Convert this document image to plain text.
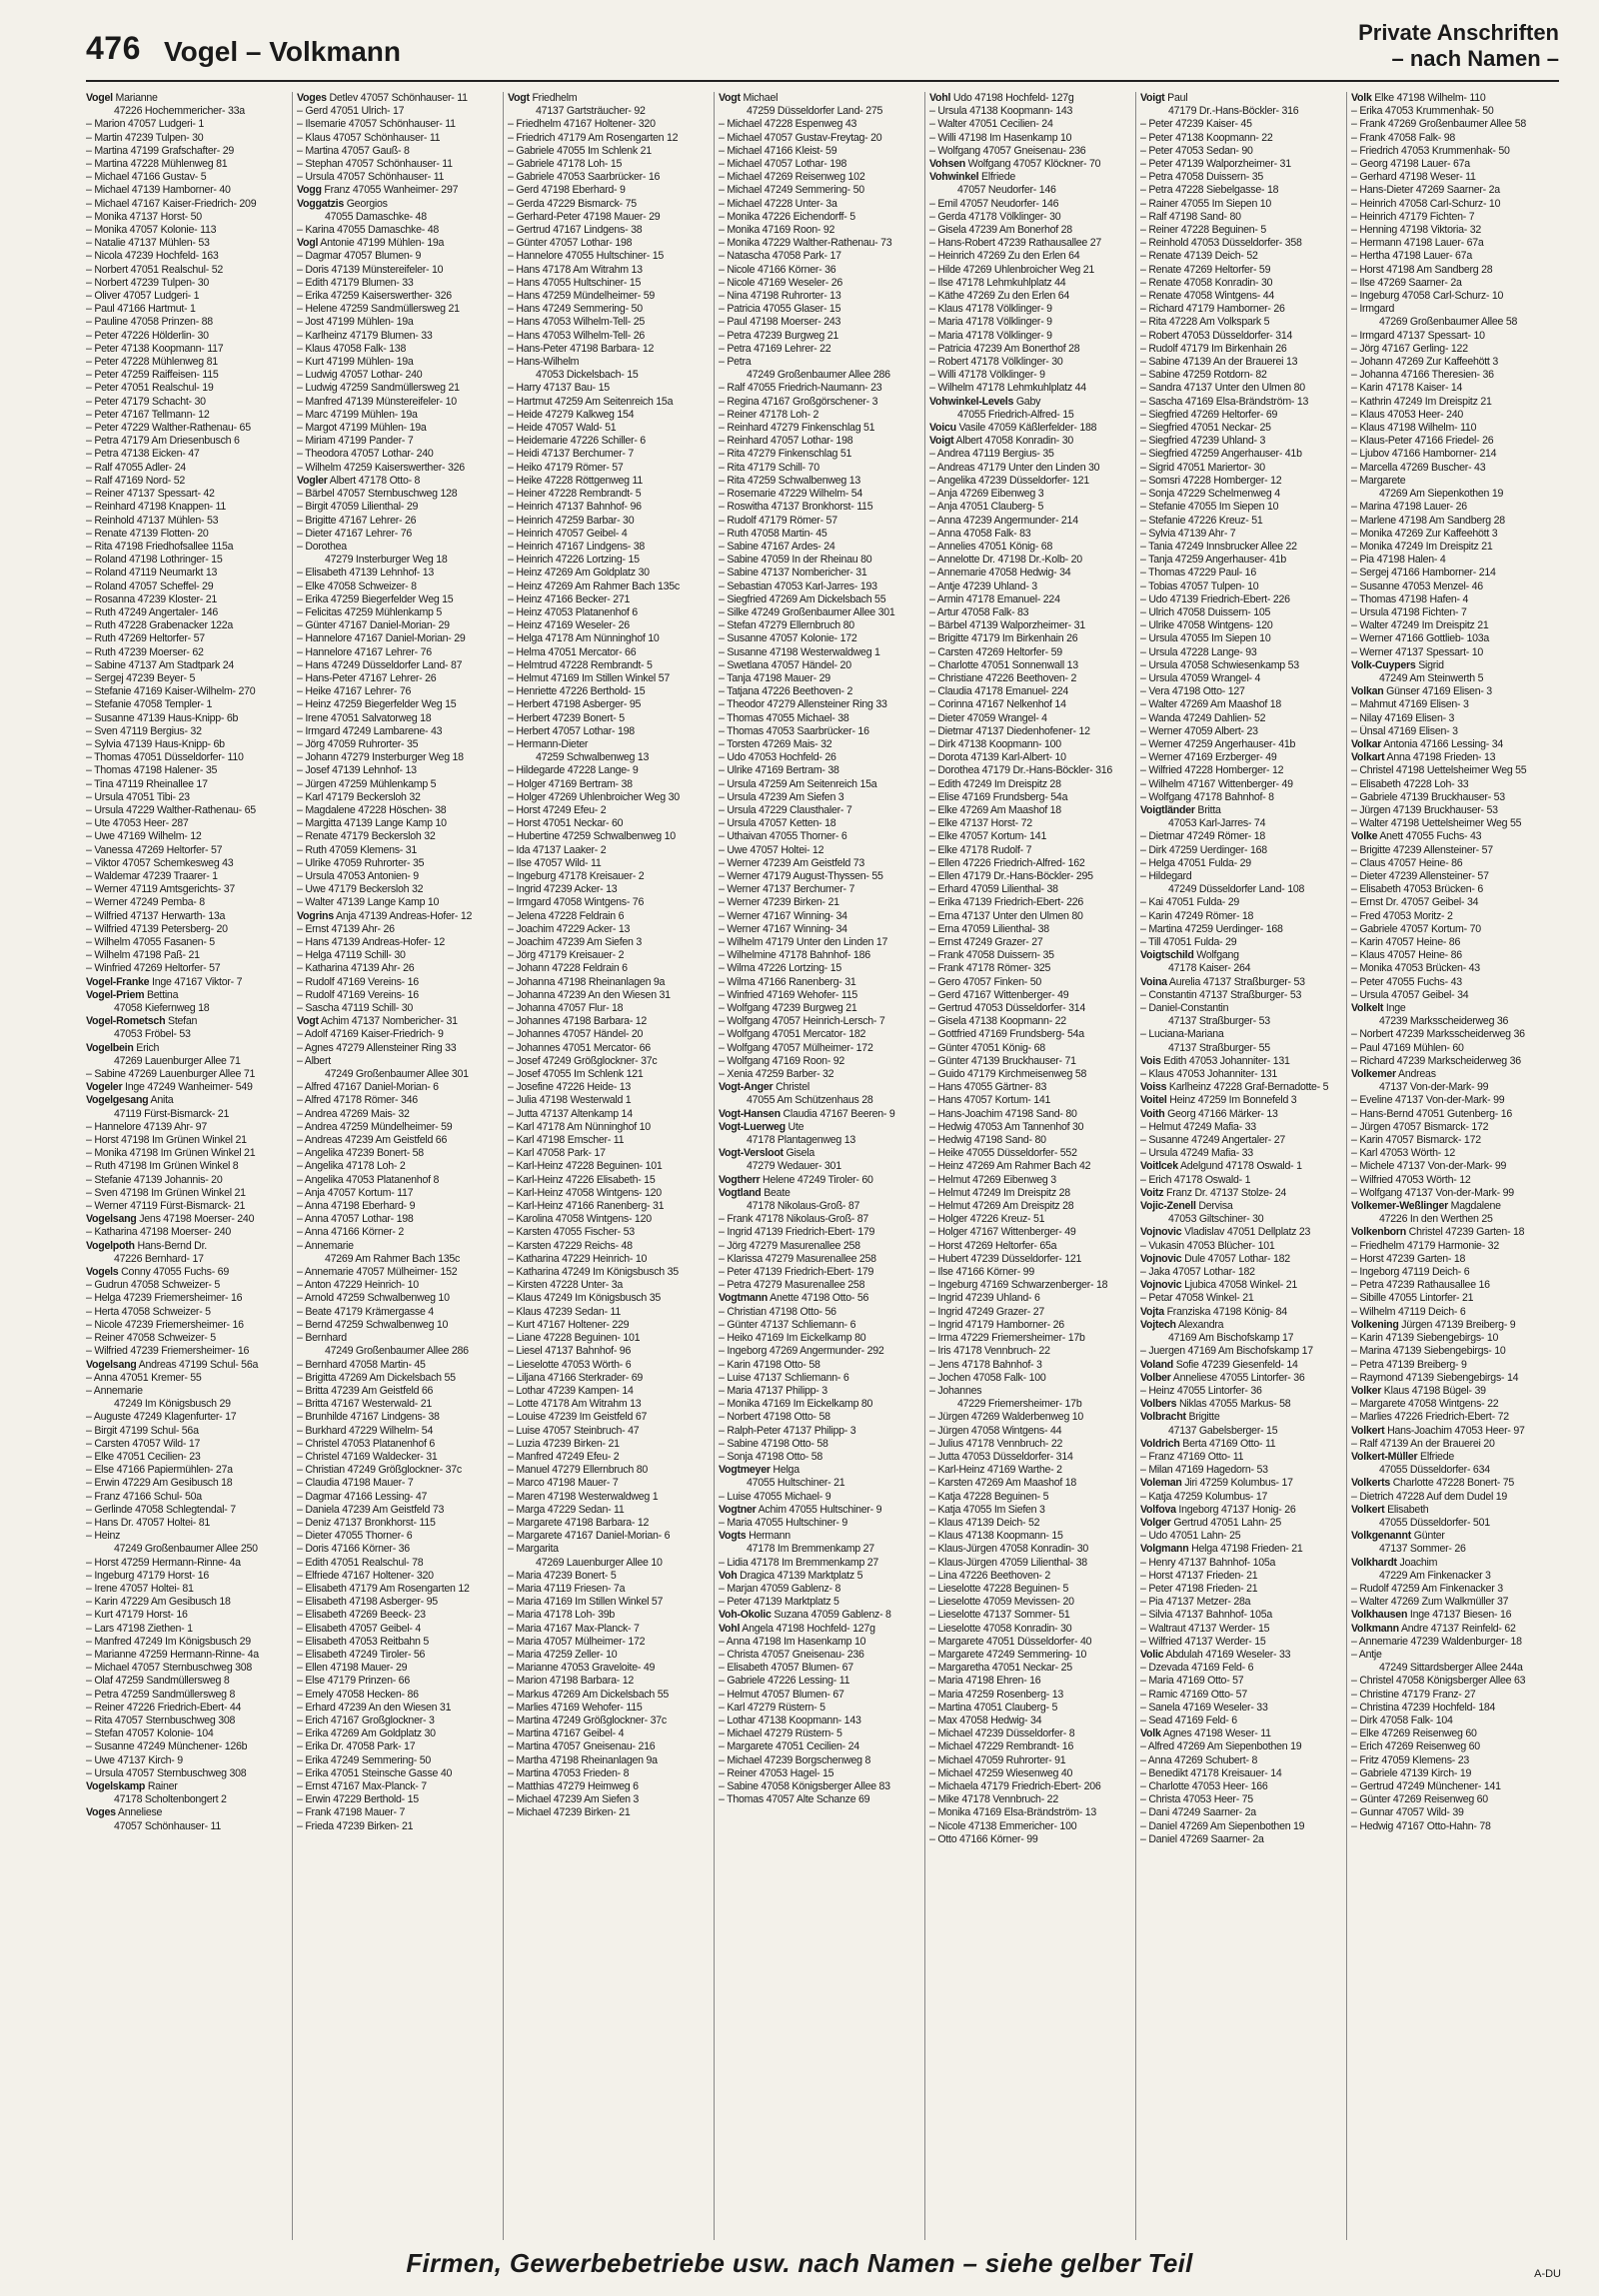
476 Vogel – Volkmann
Private Anschriften
– nach Namen –
Vogel Marianne
47226 Hochemmericher- 33a
– Marion 47057 Ludgeri- 1
– Martin 47239 Tulpen- 30
– Martina 47199 Grafschafter- 29
– Martina 47228 Mühlenweg 81
– Michael 47166 Gustav- 5
– Michael 47139 Hamborner- 40
– Michael 47167 Kaiser-Friedrich- 209
– Monika 47137 Horst- 50
– Monika 47057 Kolonie- 113
– Natalie 47137 Mühlen- 53
– Nicola 47239 Hochfeld- 163
– Norbert 47051 Realschul- 52
– Norbert 47239 Tulpen- 30
– Oliver 47057 Ludgeri- 1
– Paul 47166 Hartmut- 1
– Pauline 47058 Prinzen- 88
– Peter 47226 Hölderlin- 30
– Peter 47138 Koopmann- 117
– Peter 47228 Mühlenweg 81
– Peter 47259 Raiffeisen- 115
– Peter 47051 Realschul- 19
– Peter 47179 Schacht- 30
– Peter 47167 Tellmann- 12
– Peter 47229 Walther-Rathenau- 65
– Petra 47179 Am Driesenbusch 6
– Petra 47138 Eicken- 47
– Ralf 47055 Adler- 24
– Ralf 47169 Nord- 52
– Reiner 47137 Spessart- 42
– Reinhard 47198 Knappen- 11
– Reinhold 47137 Mühlen- 53
– Renate 47139 Flotten- 20
– Rita 47198 Friedhofsallee 115a
– Roland 47198 Lothringer- 15
– Roland 47119 Neumarkt 13
– Roland 47057 Scheffel- 29
– Rosanna 47239 Kloster- 21
– Ruth 47249 Angertaler- 146
– Ruth 47228 Grabenacker 122a
– Ruth 47269 Heltorfer- 57
– Ruth 47239 Moerser- 62
– Sabine 47137 Am Stadtpark 24
– Sergej 47239 Beyer- 5
– Stefanie 47169 Kaiser-Wilhelm- 270
– Stefanie 47058 Templer- 1
– Susanne 47139 Haus-Knipp- 6b
– Sven 47119 Bergius- 32
– Sylvia 47139 Haus-Knipp- 6b
– Thomas 47051 Düsseldorfer- 110
– Thomas 47198 Halener- 35
– Tina 47119 Rheinallee 17
– Ursula 47051 Tibi- 23
– Ursula 47229 Walther-Rathenau- 65
– Ute 47053 Heer- 287
– Uwe 47169 Wilhelm- 12
– Vanessa 47269 Heltorfer- 57
– Viktor 47057 Schemkesweg 43
– Waldemar 47239 Traarer- 1
– Werner 47119 Amtsgerichts- 37
– Werner 47249 Pemba- 8
– Wilfried 47137 Herwarth- 13a
– Wilfried 47139 Petersberg- 20
– Wilhelm 47055 Fasanen- 5
– Wilhelm 47198 Paß- 21
– Winfried 47269 Heltorfer- 57
Vogel-Franke Inge 47167 Viktor- 7
Vogel-Priem Bettina
47058 Kiefernweg 18
Vogel-Rometsch Stefan
47053 Fröbel- 53
Vogelbein Erich
47269 Lauenburger Allee 71
– Sabine 47269 Lauenburger Allee 71
Vogeler Inge 47249 Wanheimer- 549
Vogelgesang Anita
47119 Fürst-Bismarck- 21
– Hannelore 47139 Ahr- 97
– Horst 47198 Im Grünen Winkel 21
– Monika 47198 Im Grünen Winkel 21
– Ruth 47198 Im Grünen Winkel 8
– Stefanie 47139 Johannis- 20
– Sven 47198 Im Grünen Winkel 21
– Werner 47119 Fürst-Bismarck- 21
Vogelsang Jens 47198 Moerser- 240
– Katharina 47198 Moerser- 240
Vogelpoth Hans-Bernd Dr.
47226 Bernhard- 17
Vogels Conny 47055 Fuchs- 69
– Gudrun 47058 Schweizer- 5
– Helga 47239 Friemersheimer- 16
– Herta 47058 Schweizer- 5
– Nicole 47239 Friemersheimer- 16
– Reiner 47058 Schweizer- 5
– Wilfried 47239 Friemersheimer- 16
Vogelsang Andreas 47199 Schul- 56a
– Anna 47051 Kremer- 55
– Annemarie
47249 Im Königsbusch 29
– Auguste 47249 Klagenfurter- 17
– Birgit 47199 Schul- 56a
– Carsten 47057 Wild- 17
– Elke 47051 Cecilien- 23
– Else 47166 Papiermühlen- 27a
– Erwin 47229 Am Gesibusch 18
– Franz 47166 Schul- 50a
– Gerlinde 47058 Schlegtendal- 7
– Hans Dr. 47057 Holtei- 81
– Heinz
47249 Großenbaumer Allee 250
– Horst 47259 Hermann-Rinne- 4a
– Ingeburg 47179 Horst- 16
– Irene 47057 Holtei- 81
– Karin 47229 Am Gesibusch 18
– Kurt 47179 Horst- 16
– Lars 47198 Ziethen- 1
– Manfred 47249 Im Königsbusch 29
– Marianne 47259 Hermann-Rinne- 4a
– Michael 47057 Sternbuschweg 308
– Olaf 47259 Sandmüllersweg 8
– Petra 47259 Sandmüllersweg 8
– Reiner 47226 Friedrich-Ebert- 44
– Rita 47057 Sternbuschweg 308
– Stefan 47057 Kolonie- 104
– Susanne 47249 Münchener- 126b
– Uwe 47137 Kirch- 9
– Ursula 47057 Sternbuschweg 308
Vogelskamp Rainer
47178 Scholtenbongert 2
Voges Anneliese
47057 Schönhauser- 11
Voges Detlev 47057 Schönhauser- 11
– Gerd 47051 Ulrich- 17
– Ilsemarie 47057 Schönhauser- 11
– Klaus 47057 Schönhauser- 11
– Martina 47057 Gauß- 8
– Stephan 47057 Schönhauser- 11
– Ursula 47057 Schönhauser- 11
Vogg Franz 47055 Wanheimer- 297
Voggatzis Georgios
47055 Damaschke- 48
– Karina 47055 Damaschke- 48
Vogl Antonie 47199 Mühlen- 19a
– Dagmar 47057 Blumen- 9
– Doris 47139 Münstereifeler- 10
– Edith 47179 Blumen- 33
– Erika 47259 Kaiserswerther- 326
– Helene 47259 Sandmüllersweg 21
– Jost 47199 Mühlen- 19a
– Karlheinz 47179 Blumen- 33
– Klaus 47058 Falk- 138
– Kurt 47199 Mühlen- 19a
– Ludwig 47057 Lothar- 240
– Ludwig 47259 Sandmüllersweg 21
– Manfred 47139 Münstereifeler- 10
– Marc 47199 Mühlen- 19a
– Margot 47199 Mühlen- 19a
– Miriam 47199 Pander- 7
– Theodora 47057 Lothar- 240
– Wilhelm 47259 Kaiserswerther- 326
Vogler Albert 47178 Otto- 8
– Bärbel 47057 Sternbuschweg 128
– Birgit 47059 Lilienthal- 29
– Brigitte 47167 Lehrer- 26
– Dieter 47167 Lehrer- 76
– Dorothea
47279 Insterburger Weg 18
– Elisabeth 47139 Lehnhof- 13
– Elke 47058 Schweizer- 8
– Erika 47259 Biegerfelder Weg 15
– Felicitas 47259 Mühlenkamp 5
– Günter 47167 Daniel-Morian- 29
– Hannelore 47167 Daniel-Morian- 29
– Hannelore 47167 Lehrer- 76
– Hans 47249 Düsseldorfer Land- 87
– Hans-Peter 47167 Lehrer- 26
– Heike 47167 Lehrer- 76
– Heinz 47259 Biegerfelder Weg 15
– Irene 47051 Salvatorweg 18
– Irmgard 47249 Lambarene- 43
– Jörg 47059 Ruhrorter- 35
– Johann 47279 Insterburger Weg 18
– Josef 47139 Lehnhof- 13
– Jürgen 47259 Mühlenkamp 5
– Karl 47179 Beckersloh 32
– Magdalene 47228 Höschen- 38
– Margitta 47139 Lange Kamp 10
– Renate 47179 Beckersloh 32
– Ruth 47059 Klemens- 31
– Ulrike 47059 Ruhrorter- 35
– Ursula 47053 Antonien- 9
– Uwe 47179 Beckersloh 32
– Walter 47139 Lange Kamp 10
Vogrins Anja 47139 Andreas-Hofer- 12
– Ernst 47139 Ahr- 26
– Hans 47139 Andreas-Hofer- 12
– Helga 47119 Schill- 30
– Katharina 47139 Ahr- 26
– Rudolf 47169 Vereins- 16
– Rudolf 47169 Vereins- 16
– Sascha 47119 Schill- 30
Vogt Achim 47137 Nombericher- 31
– Adolf 47169 Kaiser-Friedrich- 9
– Agnes 47279 Allensteiner Ring 33
– Albert
47249 Großenbaumer Allee 301
– Alfred 47167 Daniel-Morian- 6
– Alfred 47178 Römer- 346
– Andrea 47269 Mais- 32
– Andrea 47259 Mündelheimer- 59
– Andreas 47239 Am Geistfeld 66
– Angelika 47239 Bonert- 58
– Angelika 47178 Loh- 2
– Angelika 47053 Platanenhof 8
– Anja 47057 Kortum- 117
– Anna 47198 Eberhard- 9
– Anna 47057 Lothar- 198
– Anna 47166 Körner- 2
– Annemarie
47269 Am Rahmer Bach 135c
– Annemarie 47057 Mülheimer- 152
– Anton 47229 Heinrich- 10
– Arnold 47259 Schwalbenweg 10
– Beate 47179 Krämergasse 4
– Bernd 47259 Schwalbenweg 10
– Bernhard
47249 Großenbaumer Allee 286
– Bernhard 47058 Martin- 45
– Brigitta 47269 Am Dickelsbach 55
– Britta 47239 Am Geistfeld 66
– Britta 47167 Westerwald- 21
– Brunhilde 47167 Lindgens- 38
– Burkhard 47229 Wilhelm- 54
– Christel 47053 Platanenhof 6
– Christel 47169 Waldecker- 31
– Christian 47249 Größglockner- 37c
– Claudia 47198 Mauer- 7
– Dagmar 47166 Lessing- 47
– Daniela 47239 Am Geistfeld 73
– Deniz 47137 Bronkhorst- 115
– Dieter 47055 Thorner- 6
– Doris 47166 Körner- 36
– Edith 47051 Realschul- 78
– Elfriede 47167 Holtener- 320
– Elisabeth 47179 Am Rosengarten 12
– Elisabeth 47198 Asberger- 95
– Elisabeth 47269 Beeck- 23
– Elisabeth 47057 Geibel- 4
– Elisabeth 47053 Reitbahn 5
– Elisabeth 47249 Tiroler- 56
– Ellen 47198 Mauer- 29
– Else 47179 Prinzen- 66
– Emely 47058 Hecken- 86
– Erhard 47239 An den Wiesen 31
– Erich 47167 Großglockner- 3
– Erika 47269 Am Goldplatz 30
– Erika Dr. 47058 Park- 17
– Erika 47249 Semmering- 50
– Erika 47051 Steinsche Gasse 40
– Ernst 47167 Max-Planck- 7
– Erwin 47229 Berthold- 15
– Frank 47198 Mauer- 7
– Frieda 47239 Birken- 21
Vogt Friedhelm
47137 Gartsträucher- 92
– Friedhelm 47167 Holtener- 320
– Friedrich 47179 Am Rosengarten 12
– Gabriele 47055 Im Schlenk 21
– Gabriele 47178 Loh- 15
– Gabriele 47053 Saarbrücker- 16
– Gerd 47198 Eberhard- 9
– Gerda 47229 Bismarck- 75
– Gerhard-Peter 47198 Mauer- 29
– Gertrud 47167 Lindgens- 38
– Günter 47057 Lothar- 198
– Hannelore 47055 Hultschiner- 15
– Hans 47178 Am Witrahm 13
– Hans 47055 Hultschiner- 15
– Hans 47259 Mündelheimer- 59
– Hans 47249 Semmering- 50
– Hans 47053 Wilhelm-Tell- 25
– Hans 47053 Wilhelm-Tell- 26
– Hans-Peter 47198 Barbara- 12
– Hans-Wilhelm
47053 Dickelsbach- 15
– Harry 47137 Bau- 15
– Hartmut 47259 Am Seitenreich 15a
– Heide 47279 Kalkweg 154
– Heide 47057 Wald- 51
– Heidemarie 47226 Schiller- 6
– Heidi 47137 Berchumer- 7
– Heiko 47179 Römer- 57
– Heike 47228 Röttgenweg 11
– Heiner 47228 Rembrandt- 5
– Heinrich 47137 Bahnhof- 96
– Heinrich 47259 Barbar- 30
– Heinrich 47057 Geibel- 4
– Heinrich 47167 Lindgens- 38
– Heinrich 47226 Lortzing- 15
– Heinz 47269 Am Goldplatz 30
– Heinz 47269 Am Rahmer Bach 135c
– Heinz 47166 Becker- 271
– Heinz 47053 Platanenhof 6
– Heinz 47169 Weseler- 26
– Helga 47178 Am Nünninghof 10
– Helma 47051 Mercator- 66
– Helmtrud 47228 Rembrandt- 5
– Helmut 47169 Im Stillen Winkel 57
– Henriette 47226 Berthold- 15
– Herbert 47198 Asberger- 95
– Herbert 47239 Bonert- 5
– Herbert 47057 Lothar- 198
– Hermann-Dieter
47259 Schwalbenweg 13
– Hildegarde 47228 Lange- 9
– Holger 47169 Bertram- 38
– Holger 47269 Uhlenbroicher Weg 30
– Horst 47249 Efeu- 2
– Horst 47051 Neckar- 60
– Hubertine 47259 Schwalbenweg 10
– Ida 47137 Laaker- 2
– Ilse 47057 Wild- 11
– Ingeburg 47178 Kreisauer- 2
– Ingrid 47239 Acker- 13
– Irmgard 47058 Wintgens- 76
– Jelena 47228 Feldrain 6
– Joachim 47229 Acker- 13
– Joachim 47239 Am Siefen 3
– Jörg 47179 Kreisauer- 2
– Johann 47228 Feldrain 6
– Johanna 47198 Rheinanlagen 9a
– Johanna 47239 An den Wiesen 31
– Johanna 47057 Flur- 18
– Johannes 47198 Barbara- 12
– Johannes 47057 Händel- 20
– Johannes 47051 Mercator- 66
– Josef 47249 Größglockner- 37c
– Josef 47055 Im Schlenk 121
– Josefine 47226 Heide- 13
– Julia 47198 Westerwald 1
– Jutta 47137 Altenkamp 14
– Karl 47178 Am Nünninghof 10
– Karl 47198 Emscher- 11
– Karl 47058 Park- 17
– Karl-Heinz 47228 Beguinen- 101
– Karl-Heinz 47226 Elisabeth- 15
– Karl-Heinz 47058 Wintgens- 120
– Karl-Heinz 47166 Ranenberg- 31
– Karolina 47058 Wintgens- 120
– Karsten 47055 Fischer- 53
– Karsten 47229 Reichs- 48
– Katharina 47229 Heinrich- 10
– Katharina 47249 Im Königsbusch 35
– Kirsten 47228 Unter- 3a
– Klaus 47249 Im Königsbusch 35
– Klaus 47239 Sedan- 11
– Kurt 47167 Holtener- 229
– Liane 47228 Beguinen- 101
– Liesel 47137 Bahnhof- 96
– Lieselotte 47053 Wörth- 6
– Liljana 47166 Sterkrader- 69
– Lothar 47239 Kampen- 14
– Lotte 47178 Am Witrahm 13
– Louise 47239 Im Geistfeld 67
– Luise 47057 Steinbruch- 47
– Luzia 47239 Birken- 21
– Manfred 47249 Efeu- 2
– Manuel 47279 Ellernbruch 80
– Marco 47198 Mauer- 7
– Maren 47198 Westerwaldweg 1
– Marga 47229 Sedan- 11
– Margarete 47198 Barbara- 12
– Margarete 47167 Daniel-Morian- 6
– Margarita
47269 Lauenburger Allee 10
– Maria 47239 Bonert- 5
– Maria 47119 Friesen- 7a
– Maria 47169 Im Stillen Winkel 57
– Maria 47178 Loh- 39b
– Maria 47167 Max-Planck- 7
– Maria 47057 Mülheimer- 172
– Maria 47259 Zeller- 10
– Marianne 47053 Graveloite- 49
– Marion 47198 Barbara- 12
– Markus 47269 Am Dickelsbach 55
– Marlies 47169 Wehofer- 115
– Martina 47249 Größglockner- 37c
– Martina 47167 Geibel- 4
– Martina 47057 Gneisenau- 216
– Martha 47198 Rheinanlagen 9a
– Martina 47053 Frieden- 8
– Matthias 47279 Heimweg 6
– Michael 47239 Am Siefen 3
– Michael 47239 Birken- 21
Vogt Michael
47259 Düsseldorfer Land- 275
– Michael 47228 Espenweg 43
– Michael 47057 Gustav-Freytag- 20
– Michael 47166 Kleist- 59
– Michael 47057 Lothar- 198
– Michael 47269 Reisenweg 102
– Michael 47249 Semmering- 50
– Michael 47228 Unter- 3a
– Monika 47226 Eichendorff- 5
– Monika 47169 Roon- 92
– Monika 47229 Walther-Rathenau- 73
– Natascha 47058 Park- 17
– Nicole 47166 Körner- 36
– Nicole 47169 Weseler- 26
– Nina 47198 Ruhrorter- 13
– Patricia 47055 Glaser- 15
– Paul 47198 Moerser- 243
– Petra 47239 Burgweg 21
– Petra 47169 Lehrer- 22
– Petra
47249 Großenbaumer Allee 286
– Ralf 47055 Friedrich-Naumann- 23
– Regina 47167 Großgörschener- 3
– Reiner 47178 Loh- 2
– Reinhard 47279 Finkenschlag 51
– Reinhard 47057 Lothar- 198
– Rita 47279 Finkenschlag 51
– Rita 47179 Schill- 70
– Rita 47259 Schwalbenweg 13
– Rosemarie 47229 Wilhelm- 54
– Roswitha 47137 Bronkhorst- 115
– Rudolf 47179 Römer- 57
– Ruth 47058 Martin- 45
– Sabine 47167 Ardes- 24
– Sabine 47059 In der Rheinau 80
– Sabine 47137 Nombericher- 31
– Sebastian 47053 Karl-Jarres- 193
– Siegfried 47269 Am Dickelsbach 55
– Silke 47249 Großenbaumer Allee 301
– Stefan 47279 Ellernbruch 80
– Susanne 47057 Kolonie- 172
– Susanne 47198 Westerwaldweg 1
– Swetlana 47057 Händel- 20
– Tanja 47198 Mauer- 29
– Tatjana 47226 Beethoven- 2
– Theodor 47279 Allensteiner Ring 33
– Thomas 47055 Michael- 38
– Thomas 47053 Saarbrücker- 16
– Torsten 47269 Mais- 32
– Udo 47053 Hochfeld- 26
– Ulrike 47169 Bertram- 38
– Ursula 47259 Am Seitenreich 15a
– Ursula 47239 Am Siefen 3
– Ursula 47229 Clausthaler- 7
– Ursula 47057 Ketten- 18
– Uthaivan 47055 Thorner- 6
– Uwe 47057 Holtei- 12
– Werner 47239 Am Geistfeld 73
– Werner 47179 August-Thyssen- 55
– Werner 47137 Berchumer- 7
– Werner 47239 Birken- 21
– Werner 47167 Winning- 34
– Werner 47167 Winning- 34
– Wilhelm 47179 Unter den Linden 17
– Wilhelmine 47178 Bahnhof- 186
– Wilma 47226 Lortzing- 15
– Wilma 47166 Ranenberg- 31
– Winfried 47169 Wehofer- 115
– Wolfgang 47239 Burgweg 21
– Wolfgang 47057 Heinrich-Lersch- 7
– Wolfgang 47051 Mercator- 182
– Wolfgang 47057 Mülheimer- 172
– Wolfgang 47169 Roon- 92
– Xenia 47259 Barber- 32
Vogt-Anger Christel
47055 Am Schützenhaus 28
Vogt-Hansen Claudia 47167 Beeren- 9
Vogt-Luerweg Ute
47178 Plantagenweg 13
Vogt-Versloot Gisela
47279 Wedauer- 301
Vogtherr Helene 47249 Tiroler- 60
Vogtland Beate
47178 Nikolaus-Groß- 87
– Frank 47178 Nikolaus-Groß- 87
– Ingrid 47139 Friedrich-Ebert- 179
– Jörg 47279 Masurenallee 258
– Klarissa 47279 Masurenallee 258
– Peter 47139 Friedrich-Ebert- 179
– Petra 47279 Masurenallee 258
Vogtmann Anette 47198 Otto- 56
– Christian 47198 Otto- 56
– Günter 47137 Schliemann- 6
– Heiko 47169 Im Eickelkamp 80
– Ingeborg 47269 Angermunder- 292
– Karin 47198 Otto- 58
– Luise 47137 Schliemann- 6
– Maria 47137 Philipp- 3
– Monika 47169 Im Eickelkamp 80
– Norbert 47198 Otto- 58
– Ralph-Peter 47137 Philipp- 3
– Sabine 47198 Otto- 58
– Sonja 47198 Otto- 58
Vogtmeyer Helga
47055 Hultschiner- 21
– Luise 47055 Michael- 9
Vogtner Achim 47055 Hultschiner- 9
– Maria 47055 Hultschiner- 9
Vogts Hermann
47178 Im Bremmenkamp 27
– Lidia 47178 Im Bremmenkamp 27
Voh Dragica 47139 Marktplatz 5
– Marjan 47059 Gablenz- 8
– Peter 47139 Marktplatz 5
Voh-Okolic Suzana 47059 Gablenz- 8
Vohl Angela 47198 Hochfeld- 127g
– Anna 47198 Im Hasenkamp 10
– Christa 47057 Gneisenau- 236
– Elisabeth 47057 Blumen- 67
– Gabriele 47226 Lessing- 11
– Helmut 47057 Blumen- 67
– Karl 47279 Rüstern- 5
– Lothar 47138 Koopmann- 143
– Michael 47279 Rüstern- 5
– Margarete 47051 Cecilien- 24
– Michael 47239 Borgschenweg 8
– Reiner 47053 Hagel- 15
– Sabine 47058 Königsberger Allee 83
– Thomas 47057 Alte Schanze 69
Vohl Udo 47198 Hochfeld- 127g
– Ursula 47138 Koopmann- 143
– Walter 47051 Cecilien- 24
– Willi 47198 Im Hasenkamp 10
– Wolfgang 47057 Gneisenau- 236
Vohsen Wolfgang 47057 Klöckner- 70
Vohwinkel Elfriede
47057 Neudorfer- 146
– Emil 47057 Neudorfer- 146
– Gerda 47178 Völklinger- 30
– Gisela 47239 Am Bonerhof 28
– Hans-Robert 47239 Rathausallee 27
– Heinrich 47269 Zu den Erlen 64
– Hilde 47269 Uhlenbroicher Weg 21
– Ilse 47178 Lehmkuhlplatz 44
– Käthe 47269 Zu den Erlen 64
– Klaus 47178 Völklinger- 9
– Maria 47178 Völklinger- 9
– Maria 47178 Völklinger- 9
– Patricia 47239 Am Bonerthof 28
– Robert 47178 Völklinger- 30
– Willi 47178 Völklinger- 9
– Wilhelm 47178 Lehmkuhlplatz 44
Vohwinkel-Levels Gaby
47055 Friedrich-Alfred- 15
Voicu Vasile 47059 Käßlerfelder- 188
Voigt Albert 47058 Konradin- 30
– Andrea 47119 Bergius- 35
– Andreas 47179 Unter den Linden 30
– Angelika 47239 Düsseldorfer- 121
– Anja 47269 Eibenweg 3
– Anja 47051 Clauberg- 5
– Anna 47239 Angermunder- 214
– Anna 47058 Falk- 83
– Annelies 47051 König- 68
– Annelotte Dr. 47198 Dr.-Kolb- 20
– Annemarie 47058 Hedwig- 34
– Antje 47239 Uhland- 3
– Armin 47178 Emanuel- 224
– Artur 47058 Falk- 83
– Bärbel 47139 Walporzheimer- 31
– Brigitte 47179 Im Birkenhain 26
– Carsten 47269 Heltorfer- 59
– Charlotte 47051 Sonnenwall 13
– Christiane 47226 Beethoven- 2
– Claudia 47178 Emanuel- 224
– Corinna 47167 Nelkenhof 14
– Dieter 47059 Wrangel- 4
– Dietmar 47137 Diedenhofener- 12
– Dirk 47138 Koopmann- 100
– Dorota 47139 Karl-Albert- 10
– Dorothea 47179 Dr.-Hans-Böckler- 316
– Edith 47249 Im Dreispitz 28
– Elise 47169 Frundsberg- 54a
– Elke 47269 Am Maashof 18
– Elke 47137 Horst- 72
– Elke 47057 Kortum- 141
– Elke 47178 Rudolf- 7
– Ellen 47226 Friedrich-Alfred- 162
– Ellen 47179 Dr.-Hans-Böckler- 295
– Erhard 47059 Lilienthal- 38
– Erika 47139 Friedrich-Ebert- 226
– Erna 47137 Unter den Ulmen 80
– Erna 47059 Lilienthal- 38
– Ernst 47249 Grazer- 27
– Frank 47058 Duissern- 35
– Frank 47178 Römer- 325
– Gero 47057 Finken- 50
– Gerd 47167 Wittenberger- 49
– Gertrud 47053 Düsseldorfer- 314
– Gisela 47138 Koopmann- 22
– Gottfried 47169 Frundsberg- 54a
– Günter 47051 König- 68
– Günter 47139 Bruckhauser- 71
– Guido 47179 Kirchmeisenweg 58
– Hans 47055 Gärtner- 83
– Hans 47057 Kortum- 141
– Hans-Joachim 47198 Sand- 80
– Hedwig 47053 Am Tannenhof 30
– Hedwig 47198 Sand- 80
– Heike 47055 Düsseldorfer- 552
– Heinz 47269 Am Rahmer Bach 42
– Helmut 47269 Eibenweg 3
– Helmut 47249 Im Dreispitz 28
– Helmut 47269 Am Dreispitz 28
– Holger 47226 Kreuz- 51
– Holger 47167 Wittenberger- 49
– Horst 47269 Heltorfer- 65a
– Hubert 47239 Düsseldorfer- 121
– Ilse 47166 Körner- 99
– Ingeburg 47169 Schwarzenberger- 18
– Ingrid 47239 Uhland- 6
– Ingrid 47249 Grazer- 27
– Ingrid 47179 Hamborner- 26
– Irma 47229 Friemersheimer- 17b
– Iris 47178 Vennbruch- 22
– Jens 47178 Bahnhof- 3
– Jochen 47058 Falk- 100
– Johannes
47229 Friemersheimer- 17b
– Jürgen 47269 Walderbenweg 10
– Jürgen 47058 Wintgens- 44
– Julius 47178 Vennbruch- 22
– Jutta 47053 Düsseldorfer- 314
– Karl-Heinz 47169 Warthe- 2
– Karsten 47269 Am Maashof 18
– Katja 47228 Beguinen- 5
– Katja 47055 Im Siefen 3
– Klaus 47139 Deich- 52
– Klaus 47138 Koopmann- 15
– Klaus-Jürgen 47058 Konradin- 30
– Klaus-Jürgen 47059 Lilienthal- 38
– Lina 47226 Beethoven- 2
– Lieselotte 47228 Beguinen- 5
– Lieselotte 47059 Mevissen- 20
– Lieselotte 47137 Sommer- 51
– Lieselotte 47058 Konradin- 30
– Margarete 47051 Düsseldorfer- 40
– Margarete 47249 Semmering- 10
– Margaretha 47051 Neckar- 25
– Maria 47198 Ehren- 16
– Maria 47259 Rosenberg- 13
– Martina 47051 Clauberg- 5
– Max 47058 Hedwig- 34
– Michael 47239 Düsseldorfer- 8
– Michael 47229 Rembrandt- 16
– Michael 47059 Ruhrorter- 91
– Michael 47259 Wiesenweg 40
– Michaela 47179 Friedrich-Ebert- 206
– Mike 47178 Vennbruch- 22
– Monika 47169 Elsa-Brändström- 13
– Nicole 47138 Emmericher- 100
– Otto 47166 Körner- 99
Voigt Paul
47179 Dr.-Hans-Böckler- 316
– Peter 47239 Kaiser- 45
– Peter 47138 Koopmann- 22
– Peter 47053 Sedan- 90
– Peter 47139 Walporzheimer- 31
– Petra 47058 Duissern- 35
– Petra 47228 Siebelgasse- 18
– Rainer 47055 Im Siepen 10
– Ralf 47198 Sand- 80
– Reiner 47228 Beguinen- 5
– Reinhold 47053 Düsseldorfer- 358
– Renate 47139 Deich- 52
– Renate 47269 Heltorfer- 59
– Renate 47058 Konradin- 30
– Renate 47058 Wintgens- 44
– Richard 47179 Hamborner- 26
– Rita 47228 Am Volkspark 5
– Robert 47053 Düsseldorfer- 314
– Rudolf 47179 Im Birkenhain 26
– Sabine 47139 An der Brauerei 13
– Sabine 47259 Rotdorn- 82
– Sandra 47137 Unter den Ulmen 80
– Sascha 47169 Elsa-Brändström- 13
– Siegfried 47269 Heltorfer- 69
– Siegfried 47051 Neckar- 25
– Siegfried 47239 Uhland- 3
– Siegfried 47259 Angerhauser- 41b
– Sigrid 47051 Mariertor- 30
– Somsri 47228 Homberger- 12
– Sonja 47229 Schelmenweg 4
– Stefanie 47055 Im Siepen 10
– Stefanie 47226 Kreuz- 51
– Sylvia 47139 Ahr- 7
– Tania 47249 Innsbrucker Allee 22
– Tanja 47259 Angerhauser- 41b
– Thomas 47229 Paul- 16
– Tobias 47057 Tulpen- 10
– Udo 47139 Friedrich-Ebert- 226
– Ulrich 47058 Duissern- 105
– Ulrike 47058 Wintgens- 120
– Ursula 47055 Im Siepen 10
– Ursula 47228 Lange- 93
– Ursula 47058 Schwiesenkamp 53
– Ursula 47059 Wrangel- 4
– Vera 47198 Otto- 127
– Walter 47269 Am Maashof 18
– Wanda 47249 Dahlien- 52
– Werner 47059 Albert- 23
– Werner 47259 Angerhauser- 41b
– Werner 47169 Erzberger- 49
– Wilfried 47228 Homberger- 12
– Wilhelm 47167 Wittenberger- 49
– Wolfgang 47178 Bahnhof- 8
Voigtländer Britta
47053 Karl-Jarres- 74
– Dietmar 47249 Römer- 18
– Dirk 47259 Uerdinger- 168
– Helga 47051 Fulda- 29
– Hildegard
47249 Düsseldorfer Land- 108
– Kai 47051 Fulda- 29
– Karin 47249 Römer- 18
– Martina 47259 Uerdinger- 168
– Till 47051 Fulda- 29
Voigtschild Wolfgang
47178 Kaiser- 264
Voina Aurelia 47137 Straßburger- 53
– Constantin 47137 Straßburger- 53
– Daniel-Constantin
47137 Straßburger- 53
– Luciana-Mariana
47137 Straßburger- 55
Vois Edith 47053 Johanniter- 131
– Klaus 47053 Johanniter- 131
Voiss Karlheinz 47228 Graf-Bernadotte- 5
Voitel Heinz 47259 Im Bonnefeld 3
Voith Georg 47166 Märker- 13
– Helmut 47249 Mafia- 33
– Susanne 47249 Angertaler- 27
– Ursula 47249 Mafia- 33
Voitlcek Adelgund 47178 Oswald- 1
– Erich 47178 Oswald- 1
Voitz Franz Dr. 47137 Stolze- 24
Vojic-Zenell Dervisa
47053 Giltschiner- 30
Vojnovic Vladislav 47051 Dellplatz 23
– Vukasin 47053 Blücher- 101
Vojnovic Dule 47057 Lothar- 182
– Jaka 47057 Lothar- 182
Vojnovic Ljubica 47058 Winkel- 21
– Petar 47058 Winkel- 21
Vojta Franziska 47198 König- 84
Vojtech Alexandra
47169 Am Bischofskamp 17
– Juergen 47169 Am Bischofskamp 17
Voland Sofie 47239 Giesenfeld- 14
Volber Anneliese 47055 Lintorfer- 36
– Heinz 47055 Lintorfer- 36
Volbers Niklas 47055 Markus- 58
Volbracht Brigitte
47137 Gabelsberger- 15
Voldrich Berta 47169 Otto- 11
– Franz 47169 Otto- 11
– Milan 47169 Hagedorn- 53
Voleman Jiri 47259 Kolumbus- 17
– Katja 47259 Kolumbus- 17
Volfova Ingeborg 47137 Honig- 26
Volger Gertrud 47051 Lahn- 25
– Udo 47051 Lahn- 25
Volgmann Helga 47198 Frieden- 21
– Henry 47137 Bahnhof- 105a
– Horst 47137 Frieden- 21
– Peter 47198 Frieden- 21
– Pia 47137 Metzer- 28a
– Silvia 47137 Bahnhof- 105a
– Waltraut 47137 Werder- 15
– Wilfried 47137 Werder- 15
Volic Abdulah 47169 Weseler- 33
– Dzevada 47169 Feld- 6
– Maria 47169 Otto- 57
– Ramic 47169 Otto- 57
– Sanela 47169 Weseler- 33
– Sead 47169 Feld- 6
Volk Agnes 47198 Weser- 11
– Alfred 47269 Am Siepenbothen 19
– Anna 47269 Schubert- 8
– Benedikt 47178 Kreisauer- 14
– Charlotte 47053 Heer- 166
– Christa 47053 Heer- 75
– Dani 47249 Saarner- 2a
– Daniel 47269 Am Siepenbothen 19
– Daniel 47269 Saarner- 2a
Volk Elke 47198 Wilhelm- 110
– Erika 47053 Krummenhak- 50
– Frank 47269 Großenbaumer Allee 58
– Frank 47058 Falk- 98
– Friedrich 47053 Krummenhak- 50
– Georg 47198 Lauer- 67a
– Gerhard 47198 Weser- 11
– Hans-Dieter 47269 Saarner- 2a
– Heinrich 47058 Carl-Schurz- 10
– Heinrich 47179 Fichten- 7
– Henning 47198 Viktoria- 32
– Hermann 47198 Lauer- 67a
– Hertha 47198 Lauer- 67a
– Horst 47198 Am Sandberg 28
– Ilse 47269 Saarner- 2a
– Ingeburg 47058 Carl-Schurz- 10
– Irmgard
47269 Großenbaumer Allee 58
– Irmgard 47137 Spessart- 10
– Jörg 47167 Gerling- 122
– Johann 47269 Zur Kaffeehött 3
– Johanna 47166 Theresien- 36
– Karin 47178 Kaiser- 14
– Kathrin 47249 Im Dreispitz 21
– Klaus 47053 Heer- 240
– Klaus 47198 Wilhelm- 110
– Klaus-Peter 47166 Friedel- 26
– Ljubov 47166 Hamborner- 214
– Marcella 47269 Buscher- 43
– Margarete
47269 Am Siepenkothen 19
– Marina 47198 Lauer- 26
– Marlene 47198 Am Sandberg 28
– Monika 47269 Zur Kaffeehött 3
– Monika 47249 Im Dreispitz 21
– Pia 47198 Halen- 4
– Sergej 47166 Hamborner- 214
– Susanne 47053 Menzel- 46
– Thomas 47198 Hafen- 4
– Ursula 47198 Fichten- 7
– Walter 47249 Im Dreispitz 21
– Werner 47166 Gottlieb- 103a
– Werner 47137 Spessart- 10
Volk-Cuypers Sigrid
47249 Am Steinwerth 5
Volkan Günser 47169 Elisen- 3
– Mahmut 47169 Elisen- 3
– Nilay 47169 Elisen- 3
– Ünsal 47169 Elisen- 3
Volkar Antonia 47166 Lessing- 34
Volkart Anna 47198 Frieden- 13
– Christel 47198 Uettelsheimer Weg 55
– Elisabeth 47228 Loh- 33
– Gabriele 47139 Bruckhauser- 53
– Jürgen 47139 Bruckhauser- 53
– Walter 47198 Uettelsheimer Weg 55
Volke Anett 47055 Fuchs- 43
– Brigitte 47239 Allensteiner- 57
– Claus 47057 Heine- 86
– Dieter 47239 Allensteiner- 57
– Elisabeth 47053 Brücken- 6
– Ernst Dr. 47057 Geibel- 34
– Fred 47053 Moritz- 2
– Gabriele 47057 Kortum- 70
– Karin 47057 Heine- 86
– Klaus 47057 Heine- 86
– Monika 47053 Brücken- 43
– Peter 47055 Fuchs- 43
– Ursula 47057 Geibel- 34
Volkelt Inge
47239 Marksscheiderweg 36
– Norbert 47239 Marksscheiderweg 36
– Paul 47169 Mühlen- 60
– Richard 47239 Markscheiderweg 36
Volkemer Andreas
47137 Von-der-Mark- 99
– Eveline 47137 Von-der-Mark- 99
– Hans-Bernd 47051 Gutenberg- 16
– Jürgen 47057 Bismarck- 172
– Karin 47057 Bismarck- 172
– Karl 47053 Wörth- 12
– Michele 47137 Von-der-Mark- 99
– Wilfried 47053 Wörth- 12
– Wolfgang 47137 Von-der-Mark- 99
Volkemer-Weßlinger Magdalene
47226 In den Werthen 25
Volkenborn Christel 47239 Garten- 18
– Friedhelm 47179 Harmonie- 32
– Horst 47239 Garten- 18
– Ingeborg 47119 Deich- 6
– Petra 47239 Rathausallee 16
– Sibille 47055 Lintorfer- 21
– Wilhelm 47119 Deich- 6
Volkening Jürgen 47139 Breiberg- 9
– Karin 47139 Siebengebirgs- 10
– Marina 47139 Siebengebirgs- 10
– Petra 47139 Breiberg- 9
– Raymond 47139 Siebengebirgs- 14
Volker Klaus 47198 Bügel- 39
– Margarete 47058 Wintgens- 22
– Marlies 47226 Friedrich-Ebert- 72
Volkert Hans-Joachim 47053 Heer- 97
– Ralf 47139 An der Brauerei 20
Volkert-Müller Elfriede
47055 Düsseldorfer- 634
Volkerts Charlotte 47228 Bonert- 75
– Dietrich 47228 Auf dem Dudel 19
Volkert Elisabeth
47055 Düsseldorfer- 501
Volkgenannt Günter
47137 Sommer- 26
Volkhardt Joachim
47229 Am Finkenacker 3
– Rudolf 47259 Am Finkenacker 3
– Walter 47269 Zum Walkmüller 37
Volkhausen Inge 47137 Biesen- 16
Volkmann Andre 47137 Reinfeld- 62
– Annemarie 47239 Waldenburger- 18
– Antje
47249 Sittardsberger Allee 244a
– Christel 47058 Königsberger Allee 63
– Christine 47179 Franz- 27
– Christina 47239 Hochfeld- 184
– Dirk 47058 Falk- 104
– Elke 47269 Reisenweg 60
– Erich 47269 Reisenweg 60
– Fritz 47059 Klemens- 23
– Gabriele 47139 Kirch- 19
– Gertrud 47249 Münchener- 141
– Günter 47269 Reisenweg 60
– Gunnar 47057 Wild- 39
– Hedwig 47167 Otto-Hahn- 78
Firmen, Gewerbebetriebe usw. nach Namen – siehe gelber Teil	A-DU
